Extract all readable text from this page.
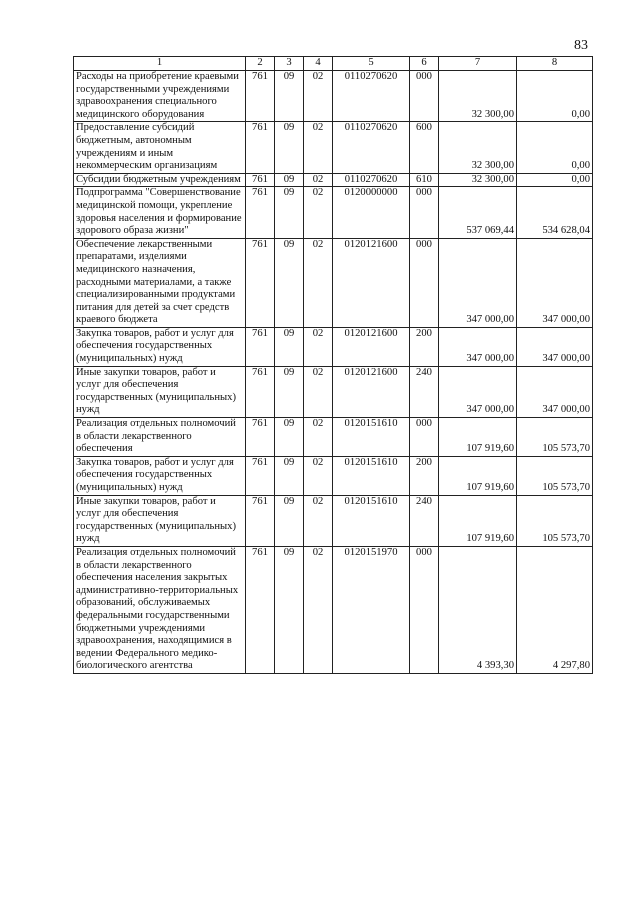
83
1	2	3	4	5	6	7	8
Расходы на приобретение краевыми государственными учреждениями здравоохранения специального медицинского оборудования	761	09	02	0110270620	000	32 300,00	0,00
Предоставление субсидий бюджетным, автономным учреждениям и иным некоммерческим организациям	761	09	02	0110270620	600	32 300,00	0,00
Субсидии бюджетным учреждениям	761	09	02	0110270620	610	32 300,00	0,00
Подпрограмма "Совершенствование медицинской помощи, укрепление здоровья населения и формирование здорового образа жизни"	761	09	02	0120000000	000	537 069,44	534 628,04
Обеспечение лекарственными препаратами, изделиями медицинского назначения, расходными материалами, а также специализированными продуктами питания для детей за счет средств краевого бюджета	761	09	02	0120121600	000	347 000,00	347 000,00
Закупка товаров, работ и услуг для обеспечения государственных (муниципальных) нужд	761	09	02	0120121600	200	347 000,00	347 000,00
Иные закупки товаров, работ и услуг для обеспечения государственных (муниципальных) нужд	761	09	02	0120121600	240	347 000,00	347 000,00
Реализация отдельных полномочий в области лекарственного обеспечения	761	09	02	0120151610	000	107 919,60	105 573,70
Закупка товаров, работ и услуг для обеспечения государственных (муниципальных) нужд	761	09	02	0120151610	200	107 919,60	105 573,70
Иные закупки товаров, работ и услуг для обеспечения государственных (муниципальных) нужд	761	09	02	0120151610	240	107 919,60	105 573,70
Реализация отдельных полномочий в области лекарственного обеспечения населения закрытых административно-территориальных образований, обслуживаемых федеральными государственными бюджетными учреждениями здравоохранения, находящимися в ведении Федерального медико-биологического агентства	761	09	02	0120151970	000	4 393,30	4 297,80
